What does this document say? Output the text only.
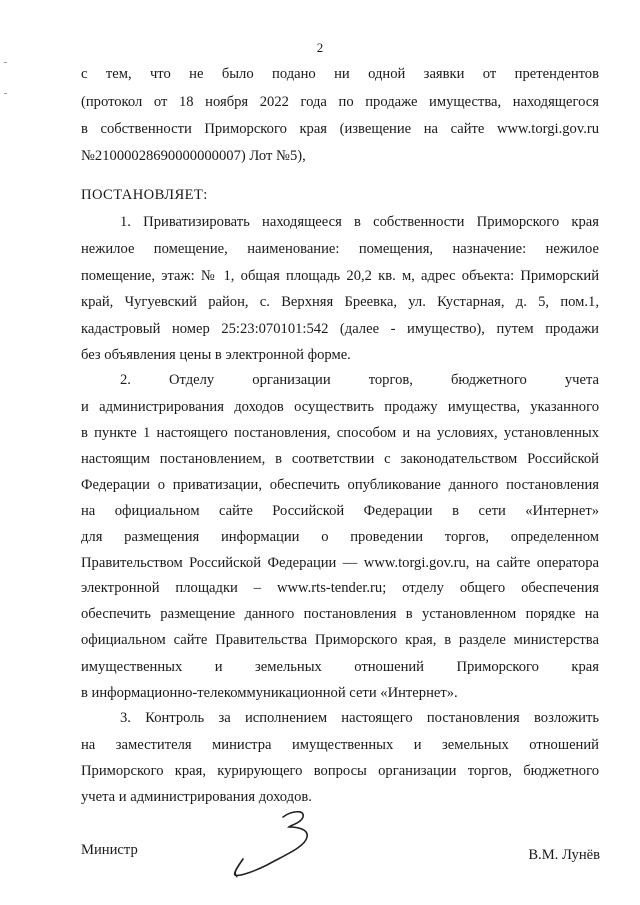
2
с тем, что не было подано ни одной заявки от претендентов
(протокол от 18 ноября 2022 года по продаже имущества, находящегося
в собственности Приморского края (извещение на сайте www.torgi.gov.ru
№21000028690000000007) Лот №5),
ПОСТАНОВЛЯЕТ:
1. Приватизировать находящееся в собственности Приморского края
нежилое помещение, наименование: помещения, назначение: нежилое
помещение, этаж: № 1, общая площадь 20,2 кв. м, адрес объекта: Приморский
край, Чугуевский район, с. Верхняя Бреевка, ул. Кустарная, д. 5, пом.1,
кадастровый номер 25:23:070101:542 (далее - имущество), путем продажи
без объявления цены в электронной форме.
2. Отделу организации торгов, бюджетного учета
и администрирования доходов осуществить продажу имущества, указанного
в пункте 1 настоящего постановления, способом и на условиях, установленных
настоящим постановлением, в соответствии с законодательством Российской
Федерации о приватизации, обеспечить опубликование данного постановления
на официальном сайте Российской Федерации в сети «Интернет»
для размещения информации о проведении торгов, определенном
Правительством Российской Федерации — www.torgi.gov.ru, на сайте оператора
электронной площадки – www.rts-tender.ru; отделу общего обеспечения
обеспечить размещение данного постановления в установленном порядке на
официальном сайте Правительства Приморского края, в разделе министерства
имущественных и земельных отношений Приморского края
в информационно-телекоммуникационной сети «Интернет».
3. Контроль за исполнением настоящего постановления возложить
на заместителя министра имущественных и земельных отношений
Приморского края, курирующего вопросы организации торгов, бюджетного
учета и администрирования доходов.
Министр	В.М. Лунёв
